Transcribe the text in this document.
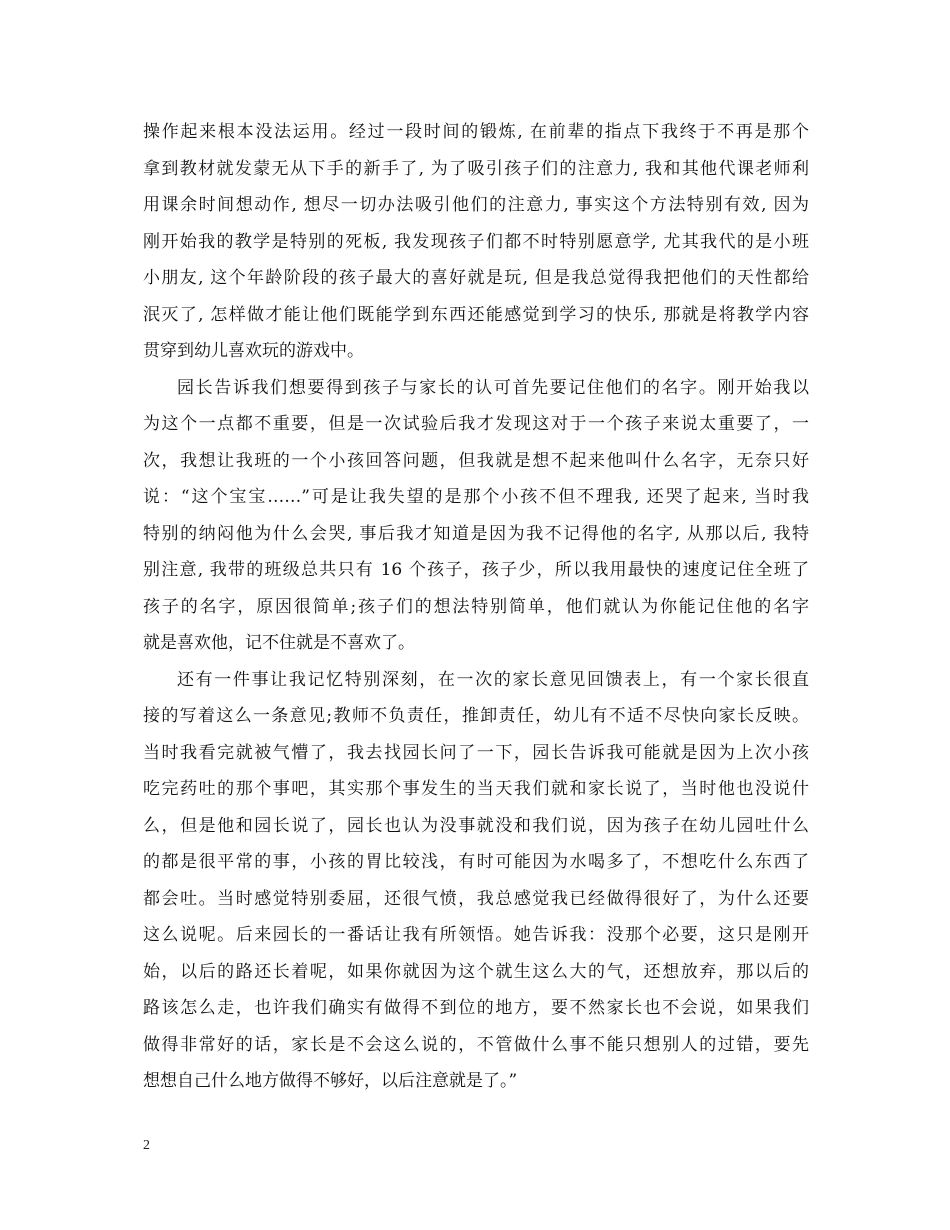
操作起来根本没法运用。经过一段时间的锻炼, 在前辈的指点下我终于不再是那个
拿到教材就发蒙无从下手的新手了, 为了吸引孩子们的注意力, 我和其他代课老师利
用课余时间想动作, 想尽一切办法吸引他们的注意力, 事实这个方法特别有效, 因为
刚开始我的教学是特别的死板, 我发现孩子们都不时特别愿意学, 尤其我代的是小班
小朋友, 这个年龄阶段的孩子最大的喜好就是玩, 但是我总觉得我把他们的天性都给
泯灭了, 怎样做才能让他们既能学到东西还能感觉到学习的快乐, 那就是将教学内容
贯穿到幼儿喜欢玩的游戏中。
园长告诉我们想要得到孩子与家长的认可首先要记住他们的名字。刚开始我以
为这个一点都不重要，但是一次试验后我才发现这对于一个孩子来说太重要了，一
次，我想让我班的一个小孩回答问题，但我就是想不起来他叫什么名字，无奈只好
说：“这个宝宝……”可是让我失望的是那个小孩不但不理我, 还哭了起来, 当时我
特别的纳闷他为什么会哭, 事后我才知道是因为我不记得他的名字, 从那以后, 我特
别注意, 我带的班级总共只有 16 个孩子，孩子少，所以我用最快的速度记住全班了
孩子的名字，原因很简单;孩子们的想法特别简单，他们就认为你能记住他的名字
就是喜欢他，记不住就是不喜欢了。
还有一件事让我记忆特别深刻，在一次的家长意见回馈表上，有一个家长很直
接的写着这么一条意见;教师不负责任，推卸责任，幼儿有不适不尽快向家长反映。
当时我看完就被气懵了，我去找园长问了一下，园长告诉我可能就是因为上次小孩
吃完药吐的那个事吧，其实那个事发生的当天我们就和家长说了，当时他也没说什
么，但是他和园长说了，园长也认为没事就没和我们说，因为孩子在幼儿园吐什么
的都是很平常的事，小孩的胃比较浅，有时可能因为水喝多了，不想吃什么东西了
都会吐。当时感觉特别委屈，还很气愤，我总感觉我已经做得很好了，为什么还要
这么说呢。后来园长的一番话让我有所领悟。她告诉我：没那个必要，这只是刚开
始，以后的路还长着呢，如果你就因为这个就生这么大的气，还想放弃，那以后的
路该怎么走，也许我们确实有做得不到位的地方，要不然家长也不会说，如果我们
做得非常好的话，家长是不会这么说的，不管做什么事不能只想别人的过错，要先
想想自己什么地方做得不够好，以后注意就是了。”
2
